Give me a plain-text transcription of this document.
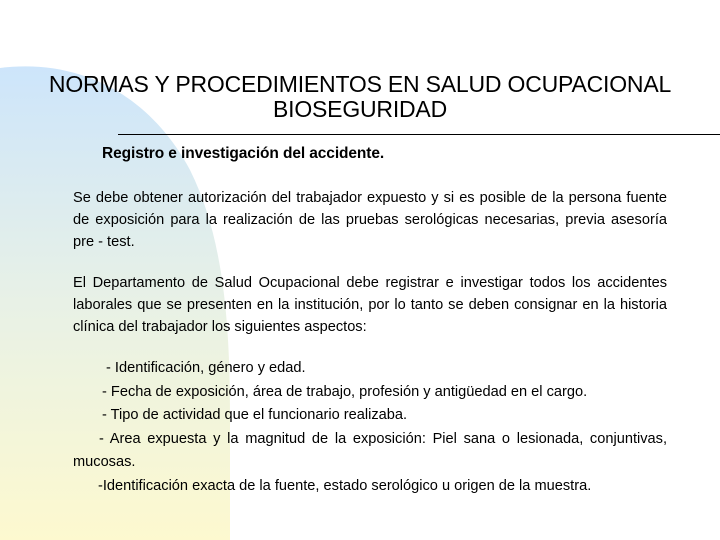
NORMAS Y PROCEDIMIENTOS EN SALUD OCUPACIONAL
BIOSEGURIDAD
Registro e investigación del accidente.
Se debe obtener autorización del trabajador expuesto y si es posible de la persona fuente de exposición para la realización de las pruebas serológicas necesarias, previa asesoría pre - test.
El Departamento de Salud Ocupacional debe registrar e investigar todos los accidentes laborales que se presenten en la institución, por lo tanto se deben consignar en la historia clínica del trabajador los siguientes aspectos:
- Identificación, género y edad.
- Fecha de exposición, área de trabajo, profesión y antigüedad en el cargo.
- Tipo de actividad que el funcionario realizaba.
- Area expuesta y la magnitud de la exposición: Piel sana o lesionada, conjuntivas, mucosas.
-Identificación exacta de la fuente, estado serológico u origen de la muestra.
